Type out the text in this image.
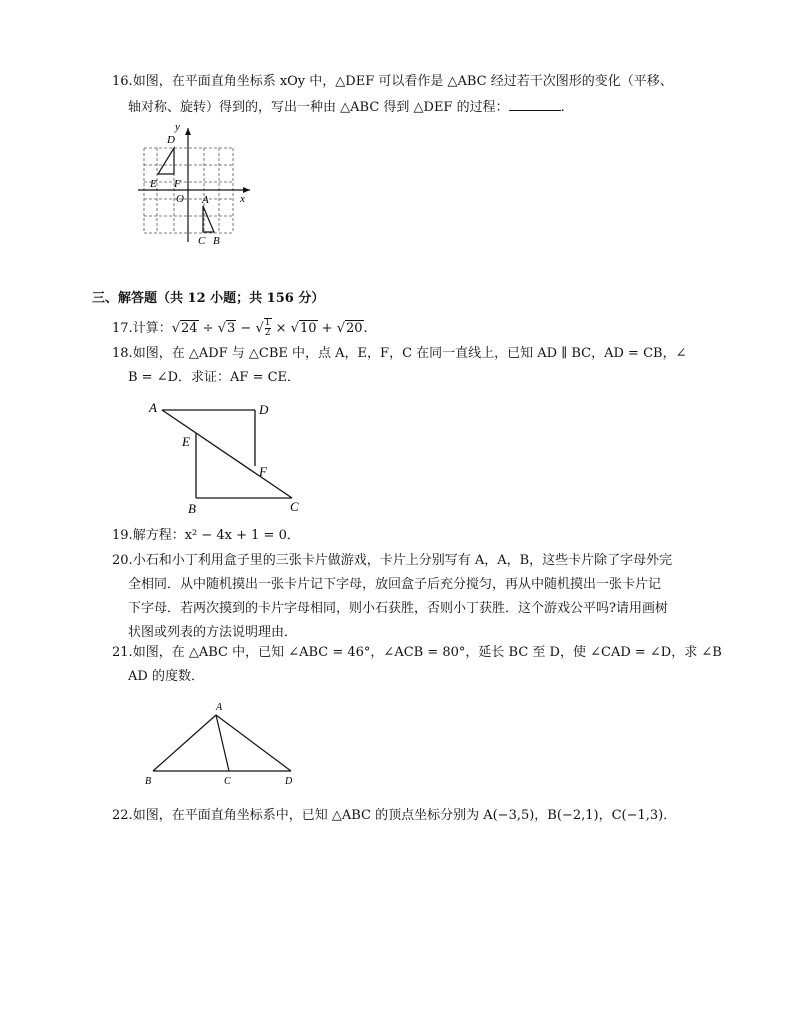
16.如图，在平面直角坐标系 xOy 中，△DEF 可以看作是 △ABC 经过若干次图形的变化（平移、
轴对称、旋转）得到的，写出一种由 △ABC 得到 △DEF 的过程：	.
y
x
O
D
E F
A
C B
三、解答题（共 12 小题；共 156 分）
17.计算：√24 ÷ √3 − √ $\frac{1}{2} \times √10 + √20$.
18.如图，在 △ADF 与 △CBE 中，点 A，E，F，C 在同一直线上，已知 AD ∥ BC，AD = CB，∠
B = ∠D．求证：AF = CE．
A	D
E
F
B	C
19.解方程：x² − 4x + 1 = 0．
20.小石和小丁利用盒子里的三张卡片做游戏，卡片上分别写有 A，A，B，这些卡片除了字母外完
全相同．从中随机摸出一张卡片记下字母，放回盒子后充分搅匀，再从中随机摸出一张卡片记
下字母．若两次摸到的卡片字母相同，则小石获胜，否则小丁获胜．这个游戏公平吗?请用画树
状图或列表的方法说明理由．
21.如图，在 △ABC 中，已知 ∠ABC = 46°，∠ACB = 80°，延长 BC 至 D，使 ∠CAD = ∠D，求 ∠B
AD 的度数．
A
B	C	D
22.如图，在平面直角坐标系中，已知 △ABC 的顶点坐标分别为 A(−3,5)，B(−2,1)，C(−1,3)．
